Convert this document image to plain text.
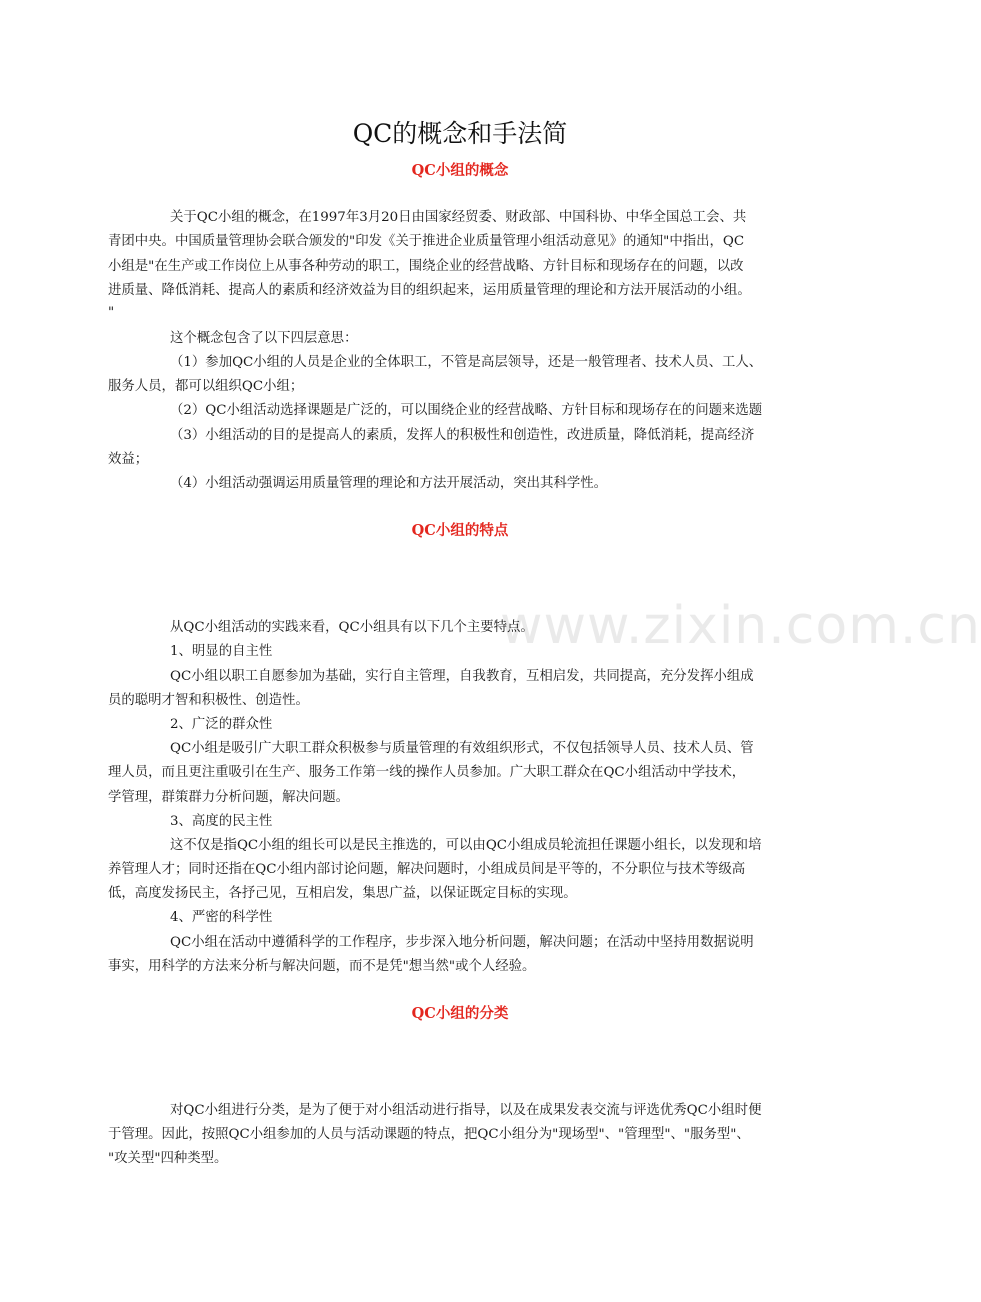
www.zixin.com.cn
QC的概念和手法简
QC小组的概念
关于QC小组的概念，在1997年3月20日由国家经贸委、财政部、中国科协、中华全国总工会、共
青团中央。中国质量管理协会联合颁发的"印发《关于推进企业质量管理小组活动意见》的通知"中指出，QC
小组是"在生产或工作岗位上从事各种劳动的职工，围绕企业的经营战略、方针目标和现场存在的问题，以改
进质量、降低消耗、提高人的素质和经济效益为目的组织起来，运用质量管理的理论和方法开展活动的小组。
"
这个概念包含了以下四层意思：
（1）参加QC小组的人员是企业的全体职工，不管是高层领导，还是一般管理者、技术人员、工人、
服务人员，都可以组织QC小组；
（2）QC小组活动选择课题是广泛的，可以围绕企业的经营战略、方针目标和现场存在的问题来选题
（3）小组活动的目的是提高人的素质，发挥人的积极性和创造性，改进质量，降低消耗，提高经济
效益；
（4）小组活动强调运用质量管理的理论和方法开展活动，突出其科学性。
QC小组的特点
从QC小组活动的实践来看，QC小组具有以下几个主要特点。
1、明显的自主性
QC小组以职工自愿参加为基础，实行自主管理，自我教育，互相启发，共同提高，充分发挥小组成
员的聪明才智和积极性、创造性。
2、广泛的群众性
QC小组是吸引广大职工群众积极参与质量管理的有效组织形式，不仅包括领导人员、技术人员、管
理人员，而且更注重吸引在生产、服务工作第一线的操作人员参加。广大职工群众在QC小组活动中学技术，
学管理，群策群力分析问题，解决问题。
3、高度的民主性
这不仅是指QC小组的组长可以是民主推选的，可以由QC小组成员轮流担任课题小组长，以发现和培
养管理人才；同时还指在QC小组内部讨论问题，解决问题时，小组成员间是平等的，不分职位与技术等级高
低，高度发扬民主，各抒己见，互相启发，集思广益，以保证既定目标的实现。
4、严密的科学性
QC小组在活动中遵循科学的工作程序，步步深入地分析问题，解决问题；在活动中坚持用数据说明
事实，用科学的方法来分析与解决问题，而不是凭"想当然"或个人经验。
QC小组的分类
对QC小组进行分类，是为了便于对小组活动进行指导，以及在成果发表交流与评选优秀QC小组时便
于管理。因此，按照QC小组参加的人员与活动课题的特点，把QC小组分为"现场型"、"管理型"、"服务型"、
"攻关型"四种类型。
